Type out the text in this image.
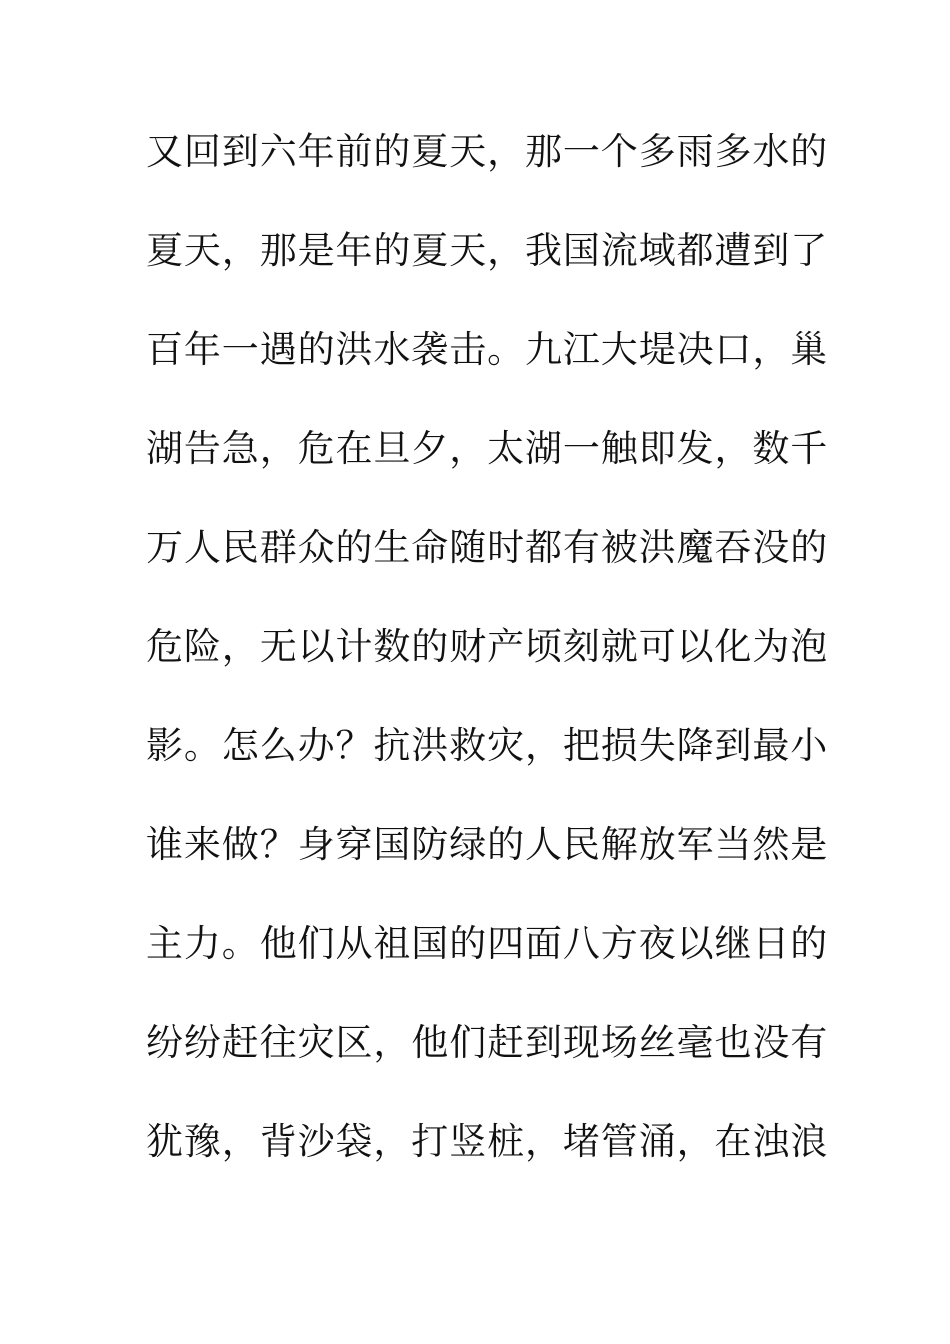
又回到六年前的夏天，那一个多雨多水的
夏天，那是年的夏天，我国流域都遭到了
百年一遇的洪水袭击。九江大堤决口，巢
湖告急，危在旦夕，太湖一触即发，数千
万人民群众的生命随时都有被洪魔吞没的
危险，无以计数的财产顷刻就可以化为泡
影。怎么办？抗洪救灾，把损失降到最小
谁来做？身穿国防绿的人民解放军当然是
主力。他们从祖国的四面八方夜以继日的
纷纷赶往灾区，他们赶到现场丝毫也没有
犹豫，背沙袋，打竖桩，堵管涌，在浊浪
